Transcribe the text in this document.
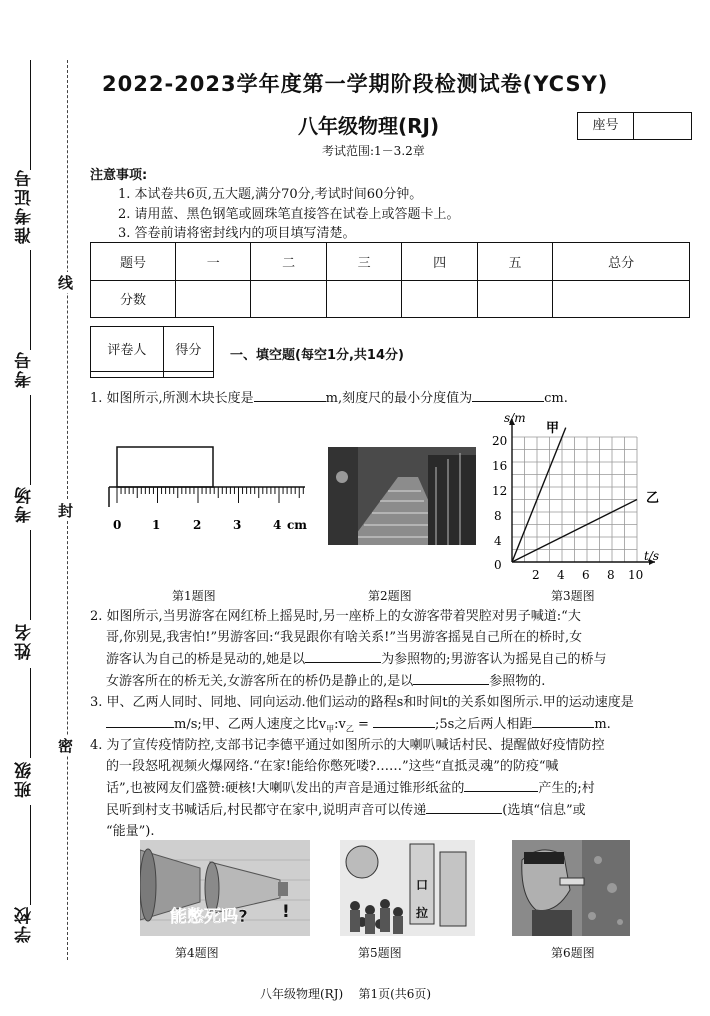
准考证号
考号
考场
姓名
班级
学校
线
封
密
2022-2023学年度第一学期阶段检测试卷(YCSY)
八年级物理(RJ)	座号
考试范围:1－3.2章
注意事项:
1. 本试卷共6页,五大题,满分70分,考试时间60分钟。
2. 请用蓝、黑色钢笔或圆珠笔直接答在试卷上或答题卡上。
3. 答卷前请将密封线内的项目填写清楚。
题号	一	二	三	四	五	总分
分数						
评卷人	得分
	一、填空题(每空1分,共14分)
1. 如图所示,所测木块长度是	m,刻度尺的最小分度值为	cm.
0	1	2	3	4 cm
s/m
t/s
0
4
8
12
16
20
2 4 6 8 10
甲
乙
第1题图	第2题图	第3题图
2. 如图所示,当男游客在网红桥上摇晃时,另一座桥上的女游客带着哭腔对男子喊道:“大
哥,你别晃,我害怕!”男游客回:“我晃跟你有啥关系!”当男游客摇晃自己所在的桥时,女
游客认为自己的桥是晃动的,她是以	为参照物的;男游客认为摇晃自己的桥与
女游客所在的桥无关,女游客所在的桥仍是静止的,是以	参照物的.
3. 甲、乙两人同时、同地、同向运动.他们运动的路程s和时间t的关系如图所示.甲的运动速度是
m/s;甲、乙两人速度之比$v_甲:v_乙$ =	;5s之后两人相距	m.
4. 为了宣传疫情防控,支部书记李德平通过如图所示的大喇叭喊话村民、提醒做好疫情防控
的一段怒吼视频火爆网络.“在家!能给你憋死喽?……”这些“直抵灵魂”的防疫“喊
话”,也被网友们盛赞:硬核!大喇叭发出的声音是通过锥形纸盆的	产生的;村
民听到村支书喊话后,村民都守在家中,说明声音可以传递	(选填“信息”或
“能量”).
能憋死吗? !
口
拉
第4题图	第5题图	第6题图
八年级物理(RJ)    第1页(共6页)
